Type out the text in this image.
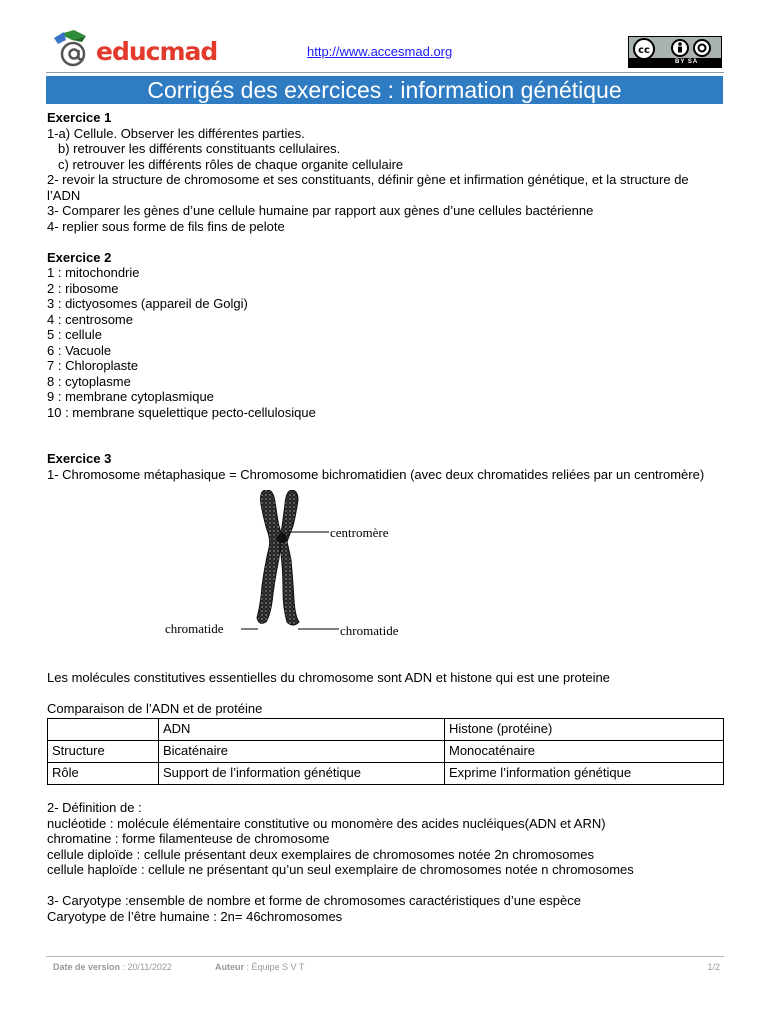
educmad	http://www.accesmad.org	cc
BY SA
Corrigés des exercices : information génétique

Exercice 1

1-a) Cellule. Observer les différentes parties.

b) retrouver les différents constituants cellulaires.

c) retrouver les différents rôles de chaque organite cellulaire

2- revoir la structure de chromosome et ses constituants, définir gène et infirmation génétique, et la structure de l’ADN

3- Comparer les gènes d’une cellule humaine par rapport aux gènes d’une cellules bactérienne

4- replier sous forme de fils fins de pelote

Exercice 2

1 : mitochondrie

2 : ribosome

3 : dictyosomes (appareil de Golgi)

4 : centrosome

5 : cellule

6 : Vacuole

7 : Chloroplaste

8 : cytoplasme

9 : membrane cytoplasmique

10 : membrane squelettique pecto-cellulosique

Exercice 3

1- Chromosome métaphasique = Chromosome bichromatidien (avec deux chromatides reliées par un centromère)

centromère
chromatide	chromatide

Les molécules constitutives essentielles du chromosome sont ADN et histone qui est une proteine

Comparaison de l’ADN et de protéine

	ADN	Histone (protéine)
Structure	Bicaténaire	Monocaténaire
Rôle	Support de l’information génétique	Exprime l’information génétique

2- Définition de :

nucléotide : molécule élémentaire constitutive ou monomère des acides nucléiques(ADN et ARN)

chromatine : forme filamenteuse de chromosome

cellule diploïde : cellule présentant deux exemplaires de chromosomes notée 2n chromosomes

cellule haploïde : cellule ne présentant qu’un seul exemplaire de chromosomes notée n chromosomes

3- Caryotype :ensemble de nombre et forme de chromosomes caractéristiques d’une espèce

Caryotype de l’être humaine : 2n= 46chromosomes

Date de version : 20/11/2022	Auteur : Équipe S V T	1/2
